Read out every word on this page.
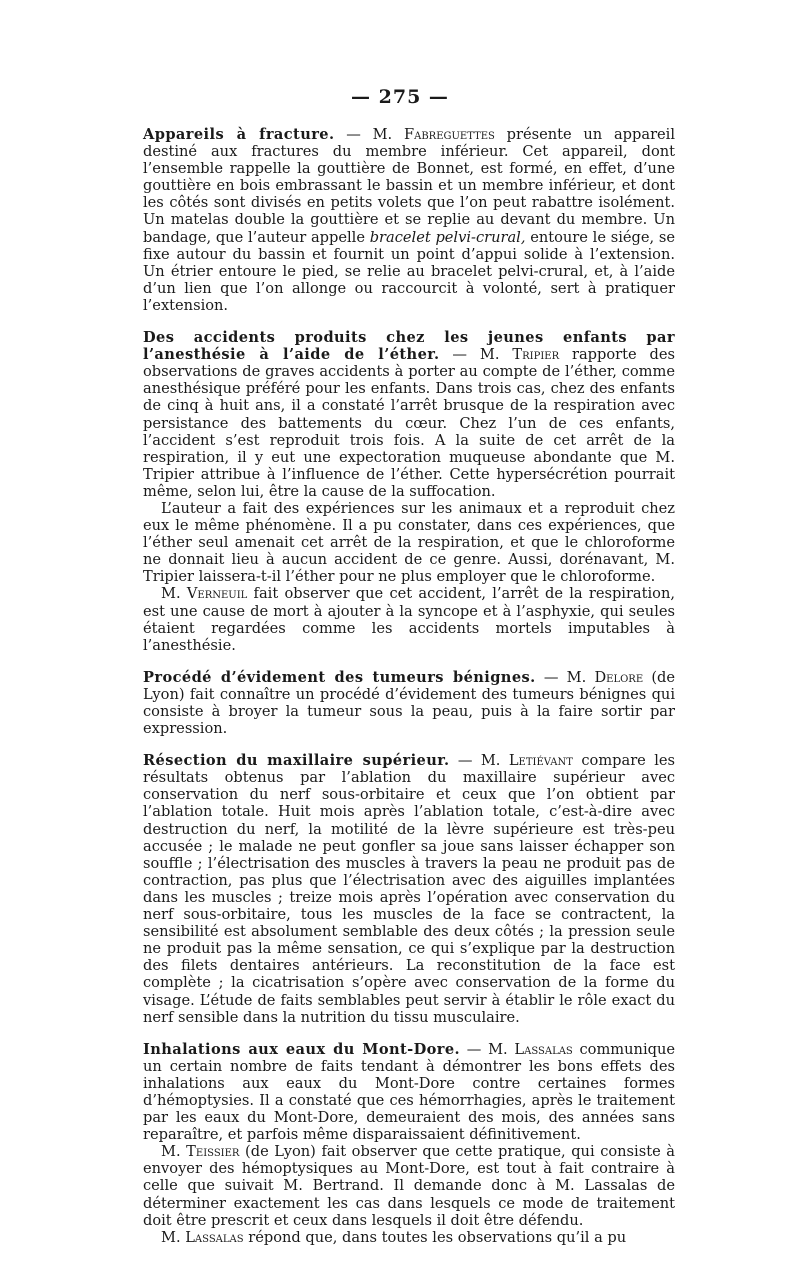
— 275 —

Appareils à fracture. — M. Fabreguettes présente un appareil destiné aux fractures du membre inférieur. Cet appareil, dont l’ensemble rappelle la gouttière de Bonnet, est formé, en effet, d’une gouttière en bois embrassant le bassin et un membre inférieur, et dont les côtés sont divisés en petits volets que l’on peut rabattre isolément. Un matelas double la gouttière et se replie au devant du membre. Un bandage, que l’auteur appelle bracelet pelvi-crural, entoure le siége, se fixe autour du bassin et fournit un point d’appui solide à l’extension. Un étrier entoure le pied, se relie au bracelet pelvi-crural, et, à l’aide d’un lien que l’on allonge ou raccourcit à volonté, sert à pratiquer l’extension.

Des accidents produits chez les jeunes enfants par l’anesthésie à l’aide de l’éther. — M. Tripier rapporte des observations de graves accidents à porter au compte de l’éther, comme anesthésique préféré pour les enfants. Dans trois cas, chez des enfants de cinq à huit ans, il a constaté l’arrêt brusque de la respiration avec persistance des battements du cœur. Chez l’un de ces enfants, l’accident s’est reproduit trois fois. A la suite de cet arrêt de la respiration, il y eut une expectoration muqueuse abondante que M. Tripier attribue à l’influence de l’éther. Cette hypersécrétion pourrait même, selon lui, être la cause de la suffocation.

L’auteur a fait des expériences sur les animaux et a reproduit chez eux le même phénomène. Il a pu constater, dans ces expériences, que l’éther seul amenait cet arrêt de la respiration, et que le chloroforme ne donnait lieu à aucun accident de ce genre. Aussi, dorénavant, M. Tripier laissera-t-il l’éther pour ne plus employer que le chloroforme.

M. Verneuil fait observer que cet accident, l’arrêt de la respiration, est une cause de mort à ajouter à la syncope et à l’asphyxie, qui seules étaient regardées comme les accidents mortels imputables à l’anesthésie.

Procédé d’évidement des tumeurs bénignes. — M. Delore (de Lyon) fait connaître un procédé d’évidement des tumeurs bénignes qui consiste à broyer la tumeur sous la peau, puis à la faire sortir par expression.

Résection du maxillaire supérieur. — M. Letiévant compare les résultats obtenus par l’ablation du maxillaire supérieur avec conservation du nerf sous-orbitaire et ceux que l’on obtient par l’ablation totale. Huit mois après l’ablation totale, c’est-à-dire avec destruction du nerf, la motilité de la lèvre supérieure est très-peu accusée ; le malade ne peut gonfler sa joue sans laisser échapper son souffle ; l’électrisation des muscles à travers la peau ne produit pas de contraction, pas plus que l’électrisation avec des aiguilles implantées dans les muscles ; treize mois après l’opération avec conservation du nerf sous-orbitaire, tous les muscles de la face se contractent, la sensibilité est absolument semblable des deux côtés ; la pression seule ne produit pas la même sensation, ce qui s’explique par la destruction des filets dentaires antérieurs. La reconstitution de la face est complète ; la cicatrisation s’opère avec conservation de la forme du visage. L’étude de faits semblables peut servir à établir le rôle exact du nerf sensible dans la nutrition du tissu musculaire.

Inhalations aux eaux du Mont-Dore. — M. Lassalas communique un certain nombre de faits tendant à démontrer les bons effets des inhalations aux eaux du Mont-Dore contre certaines formes d’hémoptysies. Il a constaté que ces hémorrhagies, après le traitement par les eaux du Mont-Dore, demeuraient des mois, des années sans reparaître, et parfois même disparaissaient définitivement.

M. Teissier (de Lyon) fait observer que cette pratique, qui consiste à envoyer des hémoptysiques au Mont-Dore, est tout à fait contraire à celle que suivait M. Bertrand. Il demande donc à M. Lassalas de déterminer exactement les cas dans lesquels ce mode de traitement doit être prescrit et ceux dans lesquels il doit être défendu.

M. Lassalas répond que, dans toutes les observations qu’il a pu
